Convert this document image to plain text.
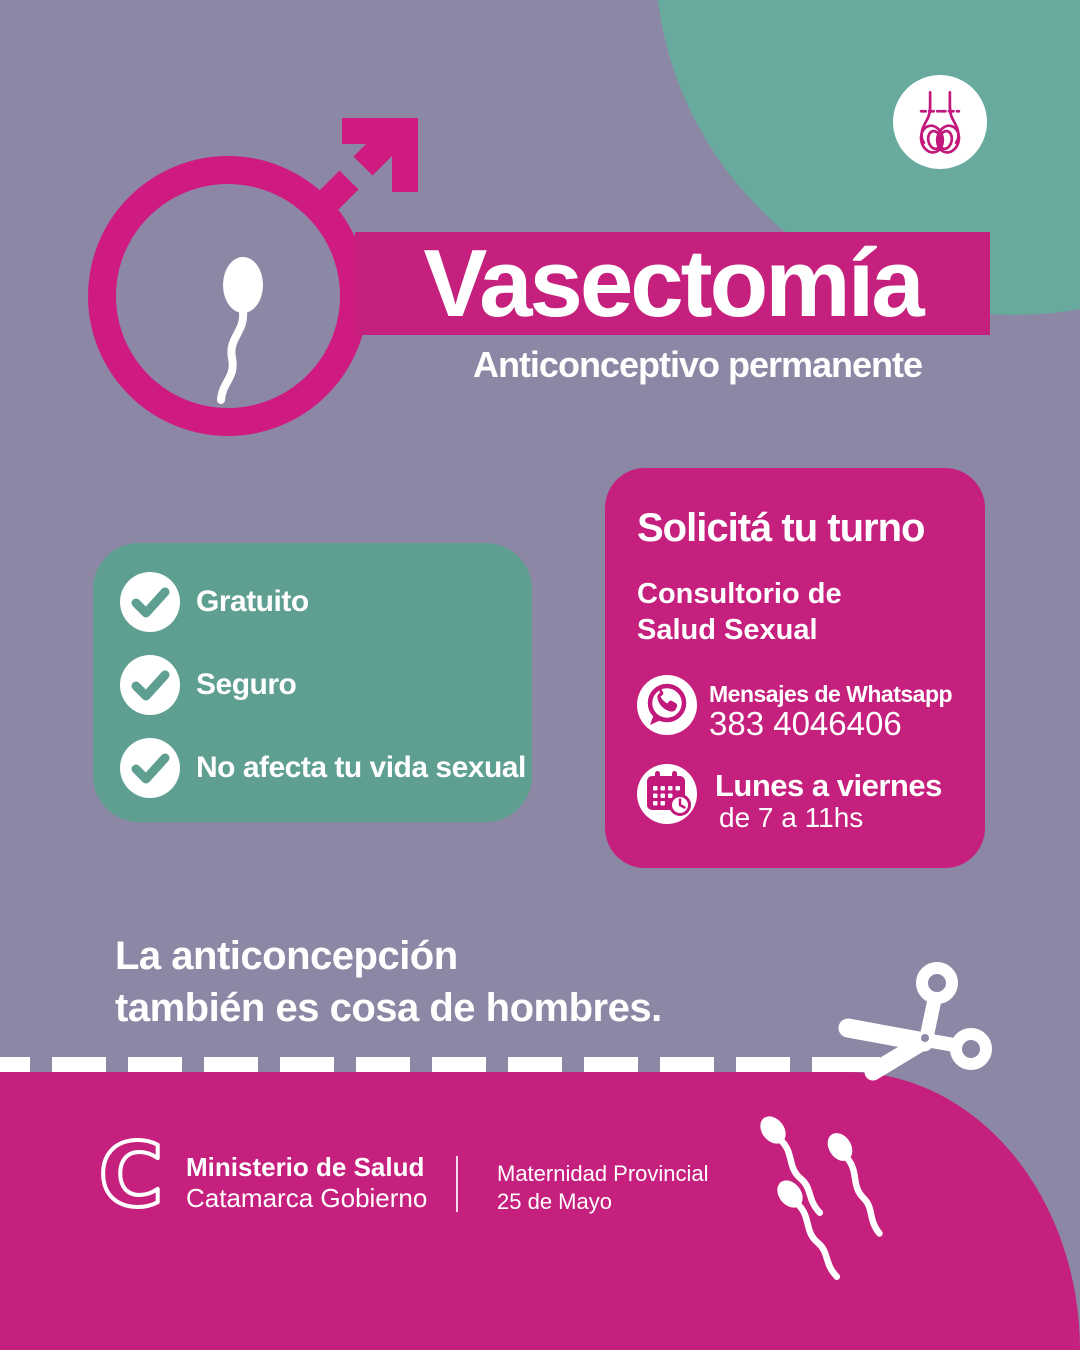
Vasectomía
Anticonceptivo permanente
Gratuito
Seguro
No afecta tu vida sexual
Solicitá tu turno
Consultorio de
Salud Sexual
Mensajes de Whatsapp
383 4046406
Lunes a viernes
de 7 a 11hs
La anticoncepción
también es cosa de hombres.
C Ministerio de Salud
Catamarca Gobierno
Maternidad Provincial
25 de Mayo
